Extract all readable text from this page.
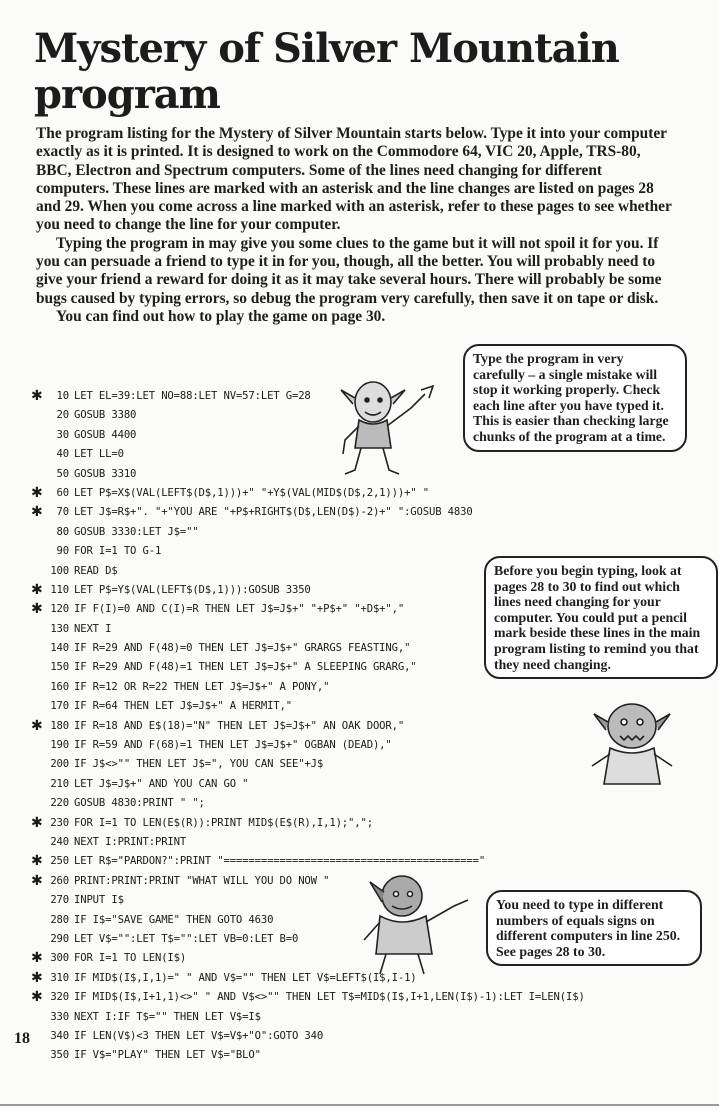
Mystery of Silver Mountain
program

The program listing for the Mystery of Silver Mountain starts below. Type it into your computer exactly as it is printed. It is designed to work on the Commodore 64, VIC 20, Apple, TRS-80, BBC, Electron and Spectrum computers. Some of the lines need changing for different computers. These lines are marked with an asterisk and the line changes are listed on pages 28 and 29. When you come across a line marked with an asterisk, refer to these pages to see whether you need to change the line for your computer.

Typing the program in may give you some clues to the game but it will not spoil it for you. If you can persuade a friend to type it in for you, though, all the better. You will probably need to give your friend a reward for doing it as it may take several hours. There will probably be some bugs caused by typing errors, so debug the program very carefully, then save it on tape or disk.

You can find out how to play the game on page 30.

Type the program in very carefully – a single mistake will stop it working properly. Check each line after you have typed it. This is easier than checking large chunks of the program at a time.
Before you begin typing, look at pages 28 to 30 to find out which lines need changing for your computer. You could put a pencil mark beside these lines in the main program listing to remind you that they need changing.
You need to type in different numbers of equals signs on different computers in line 250. See pages 28 to 30.
✱ 10 LET EL=39:LET NO=88:LET NV=57:LET G=28
20 GOSUB 3380
30 GOSUB 4400
40 LET LL=0
50 GOSUB 3310
✱ 60 LET P$=X$(VAL(LEFT$(D$,1)))+" "+Y$(VAL(MID$(D$,2,1)))+" "
✱ 70 LET J$=R$+". "+"YOU ARE "+P$+RIGHT$(D$,LEN(D$)-2)+" ":GOSUB 4830
80 GOSUB 3330:LET J$=""
90 FOR I=1 TO G-1
100 READ D$
✱ 110 LET P$=Y$(VAL(LEFT$(D$,1))):GOSUB 3350
✱ 120 IF F(I)=0 AND C(I)=R THEN LET J$=J$+" "+P$+" "+D$+","
130 NEXT I
140 IF R=29 AND F(48)=0 THEN LET J$=J$+" GRARGS FEASTING,"
150 IF R=29 AND F(48)=1 THEN LET J$=J$+" A SLEEPING GRARG,"
160 IF R=12 OR R=22 THEN LET J$=J$+" A PONY,"
170 IF R=64 THEN LET J$=J$+" A HERMIT,"
✱ 180 IF R=18 AND E$(18)="N" THEN LET J$=J$+" AN OAK DOOR,"
190 IF R=59 AND F(68)=1 THEN LET J$=J$+" OGBAN (DEAD),"
200 IF J$<>"" THEN LET J$=", YOU CAN SEE"+J$
210 LET J$=J$+" AND YOU CAN GO "
220 GOSUB 4830:PRINT " ";
✱ 230 FOR I=1 TO LEN(E$(R)):PRINT MID$(E$(R),I,1);",";
240 NEXT I:PRINT:PRINT
✱ 250 LET R$="PARDON?":PRINT "========================================="
✱ 260 PRINT:PRINT:PRINT "WHAT WILL YOU DO NOW "
270 INPUT I$
280 IF I$="SAVE GAME" THEN GOTO 4630
290 LET V$="":LET T$="":LET VB=0:LET B=0
✱ 300 FOR I=1 TO LEN(I$)
✱ 310 IF MID$(I$,I,1)=" " AND V$="" THEN LET V$=LEFT$(I$,I-1)
✱ 320 IF MID$(I$,I+1,1)<>" " AND V$<>"" THEN LET T$=MID$(I$,I+1,LEN(I$)-1):LET I=LEN(I$)
330 NEXT I:IF T$="" THEN LET V$=I$
340 IF LEN(V$)<3 THEN LET V$=V$+"O":GOTO 340
350 IF V$="PLAY" THEN LET V$="BLO"
18
